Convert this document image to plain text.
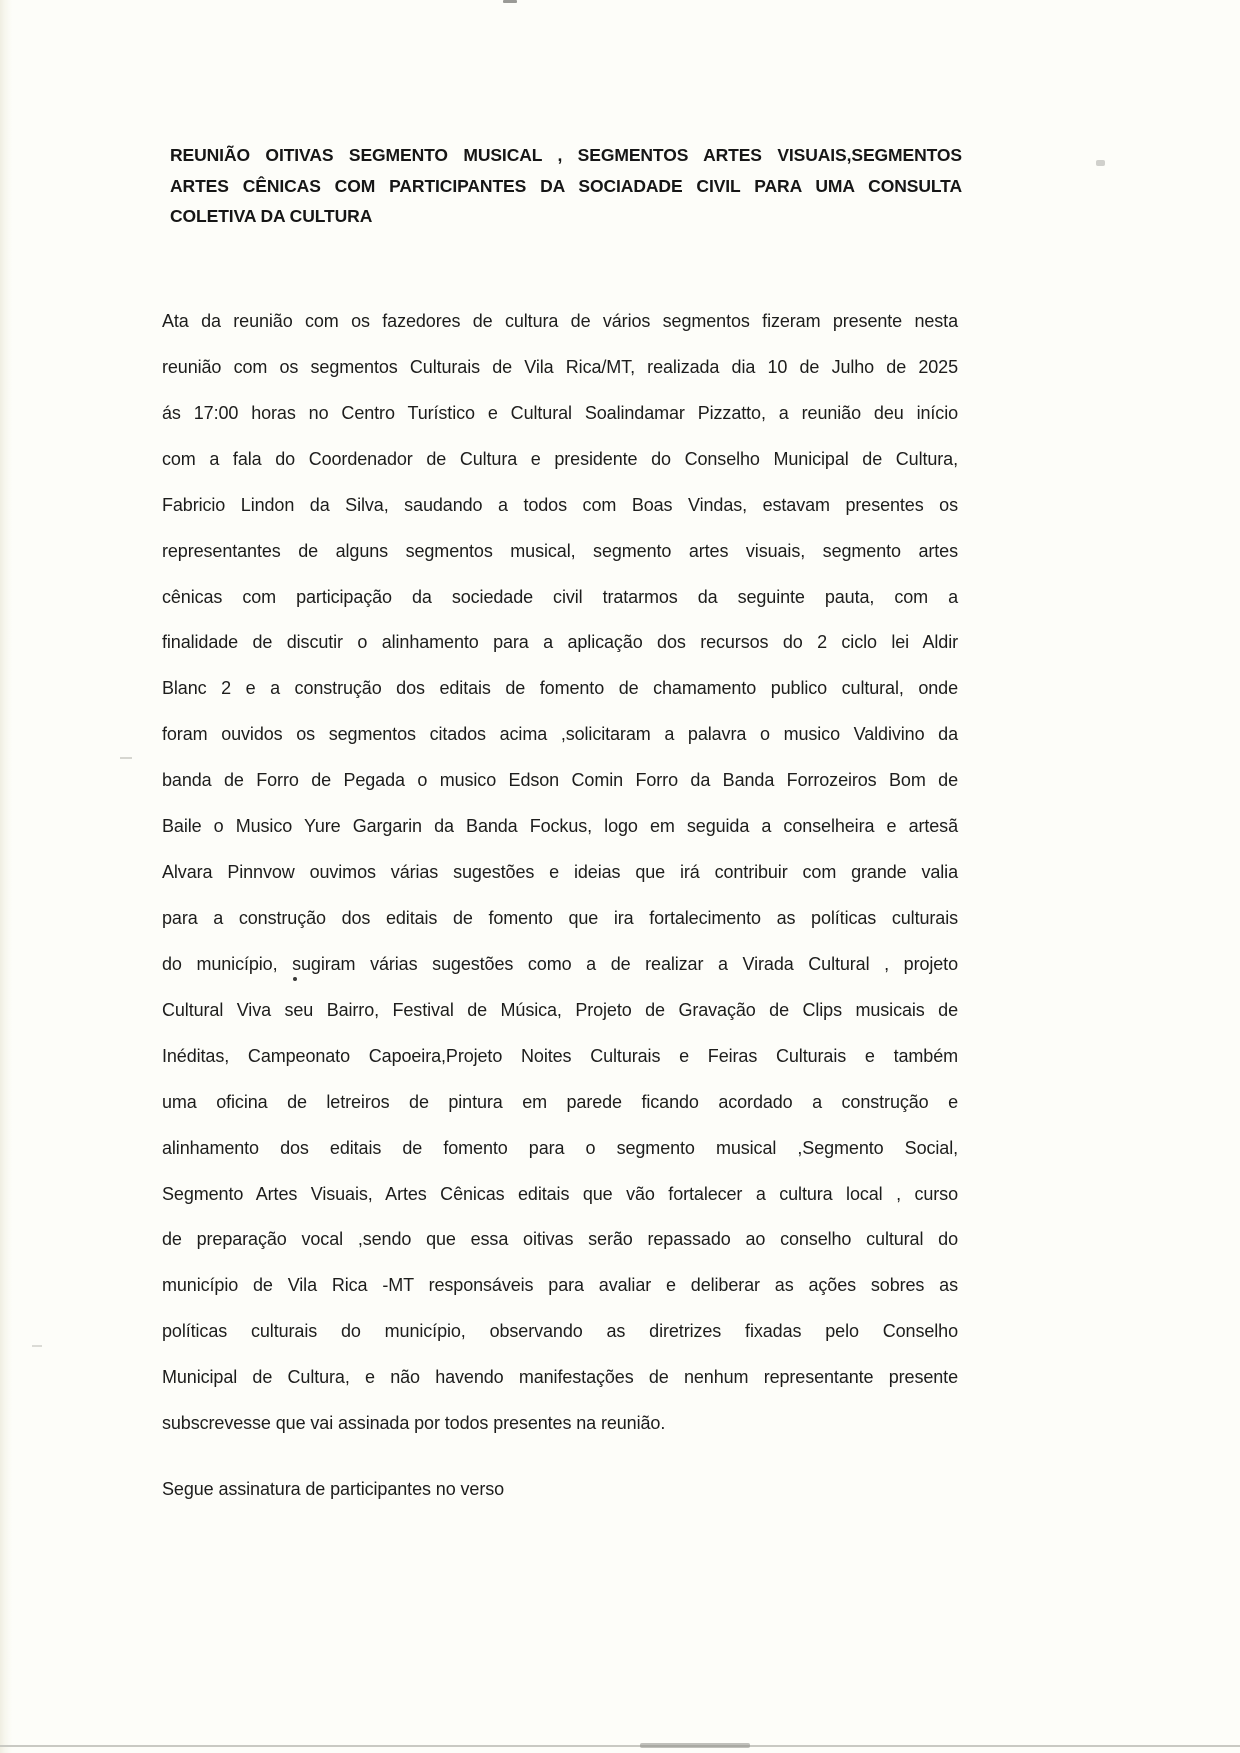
REUNIÃO OITIVAS SEGMENTO MUSICAL , SEGMENTOS ARTES VISUAIS,SEGMENTOS
ARTES CÊNICAS COM PARTICIPANTES DA SOCIADADE CIVIL PARA UMA CONSULTA
COLETIVA DA CULTURA
Ata da reunião com os fazedores de cultura de vários segmentos fizeram presente nesta
reunião com os segmentos Culturais de Vila Rica/MT, realizada dia 10 de Julho de 2025
ás 17:00 horas no Centro Turístico e Cultural Soalindamar Pizzatto, a reunião deu início
com a fala do Coordenador de Cultura e presidente do Conselho Municipal de Cultura,
Fabricio Lindon da Silva, saudando a todos com Boas Vindas, estavam presentes os
representantes de alguns segmentos musical, segmento artes visuais, segmento artes
cênicas com participação da sociedade civil tratarmos da seguinte pauta, com a
finalidade de discutir o alinhamento para a aplicação dos recursos do 2 ciclo lei Aldir
Blanc 2 e a construção dos editais de fomento de chamamento publico cultural, onde
foram ouvidos os segmentos citados acima ,solicitaram a palavra o musico Valdivino da
banda de Forro de Pegada o musico Edson Comin Forro da Banda Forrozeiros Bom de
Baile o Musico Yure Gargarin da Banda Fockus, logo em seguida a conselheira e artesã
Alvara Pinnvow ouvimos várias sugestões e ideias que irá contribuir com grande valia
para a construção dos editais de fomento que ira fortalecimento as políticas culturais
do município, sugiram várias sugestões como a de realizar a Virada Cultural , projeto
Cultural Viva seu Bairro, Festival de Música, Projeto de Gravação de Clips musicais de
Inéditas, Campeonato Capoeira,Projeto Noites Culturais e Feiras Culturais e também
uma oficina de letreiros de pintura em parede ficando acordado a construção e
alinhamento dos editais de fomento para o segmento musical ,Segmento Social,
Segmento Artes Visuais, Artes Cênicas editais que vão fortalecer a cultura local , curso
de preparação vocal ,sendo que essa oitivas serão repassado ao conselho cultural do
município de Vila Rica -MT responsáveis para avaliar e deliberar as ações sobres as
políticas culturais do município, observando as diretrizes fixadas pelo Conselho
Municipal de Cultura, e não havendo manifestações de nenhum representante presente
subscrevesse que vai assinada por todos presentes na reunião.
Segue assinatura de participantes no verso
